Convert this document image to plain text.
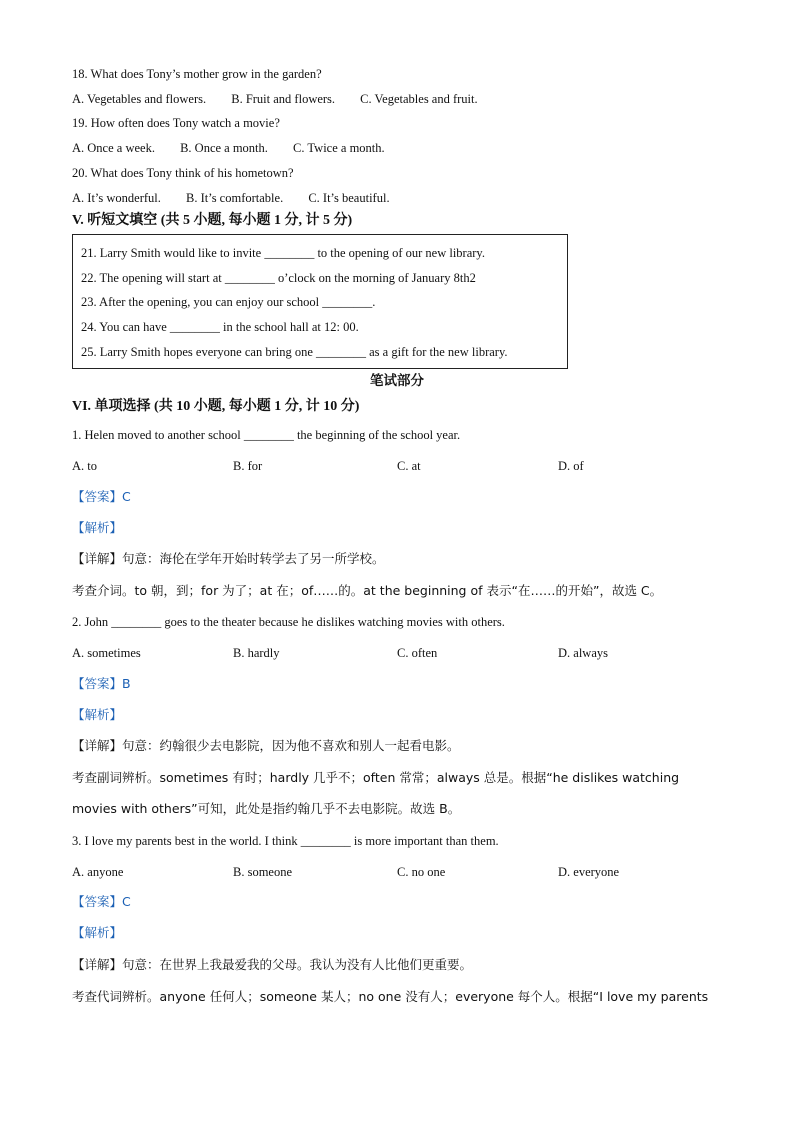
18. What does Tony’s mother grow in the garden?
A. Vegetables and flowers. B. Fruit and flowers. C. Vegetables and fruit.
19. How often does Tony watch a movie?
A. Once a week. B. Once a month. C. Twice a month.
20. What does Tony think of his hometown?
A. It’s wonderful. B. It’s comfortable. C. It’s beautiful.
V. 听短文填空 (共 5 小题, 每小题 1 分, 计 5 分)
21. Larry Smith would like to invite ________ to the opening of our new library.
22. The opening will start at ________ o’clock on the morning of January 8th2
23. After the opening, you can enjoy our school ________.
24. You can have ________ in the school hall at 12: 00.
25. Larry Smith hopes everyone can bring one ________ as a gift for the new library.
笔试部分
VI. 单项选择 (共 10 小题, 每小题 1 分, 计 10 分)
1. Helen moved to another school ________ the beginning of the school year.
A. to	B. for	C. at	D. of
【答案】C
【解析】
【详解】句意：海伦在学年开始时转学去了另一所学校。
考查介词。to 朝，到；for 为了；at 在；of……的。at the beginning of 表示“在……的开始”，故选 C。
2. John ________ goes to the theater because he dislikes watching movies with others.
A. sometimes	B. hardly	C. often	D. always
【答案】B
【解析】
【详解】句意：约翰很少去电影院，因为他不喜欢和别人一起看电影。
考查副词辨析。sometimes 有时；hardly 几乎不；often 常常；always 总是。根据“he dislikes watching
movies with others”可知，此处是指约翰几乎不去电影院。故选 B。
3. I love my parents best in the world. I think ________ is more important than them.
A. anyone	B. someone	C. no one	D. everyone
【答案】C
【解析】
【详解】句意：在世界上我最爱我的父母。我认为没有人比他们更重要。
考查代词辨析。anyone 任何人；someone 某人；no one 没有人；everyone 每个人。根据“I love my parents
